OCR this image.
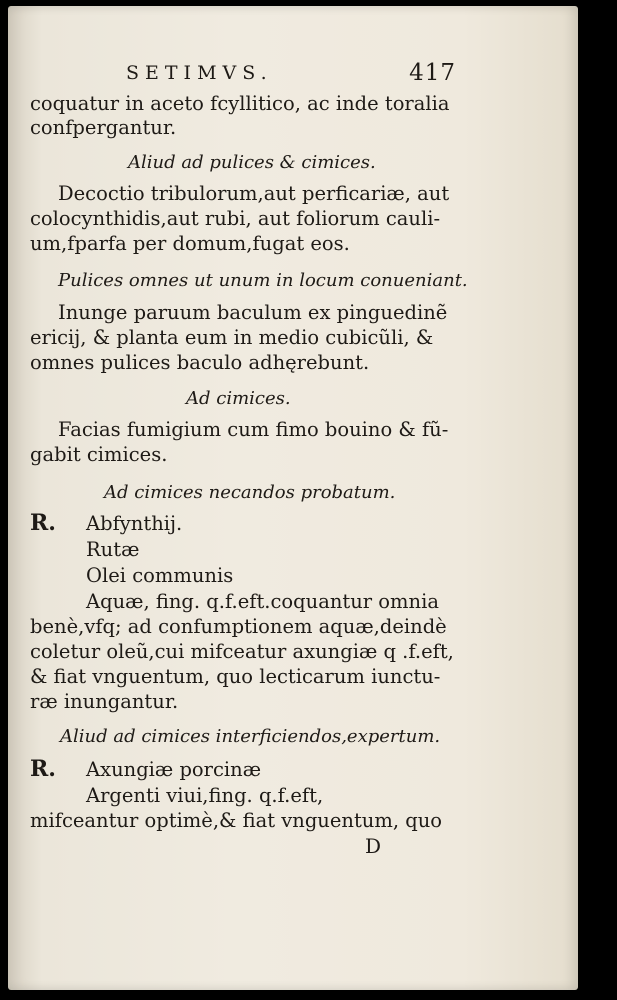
SETIMVS.	417
coquatur in aceto fcyllitico, ac inde toralia
confpergantur.
Aliud ad pulices & cimices.
Decoctio tribulorum,aut perficariæ, aut
colocynthidis,aut rubi, aut foliorum cauli-
um,fparfa per domum,fugat eos.
Pulices omnes ut unum in locum conueniant.
Inunge paruum baculum ex pinguedinẽ
ericij, & planta eum in medio cubicũli, &
omnes pulices baculo adhęrebunt.
Ad cimices.
Facias fumigium cum fimo bouino & fũ-
gabit cimices.
Ad cimices necandos probatum.
R. Abfynthij.
Rutæ
Olei communis
Aquæ, fing. q.f.eft.coquantur omnia
benè,vfq; ad confumptionem aquæ,deindè
coletur oleũ,cui mifceatur axungiæ q .f.eft,
& fiat vnguentum, quo lecticarum iunctu-
ræ inungantur.
Aliud ad cimices interficiendos,expertum.
R. Axungiæ porcinæ
Argenti viui,fing. q.f.eft,
mifceantur optimè,& fiat vnguentum, quo
D
